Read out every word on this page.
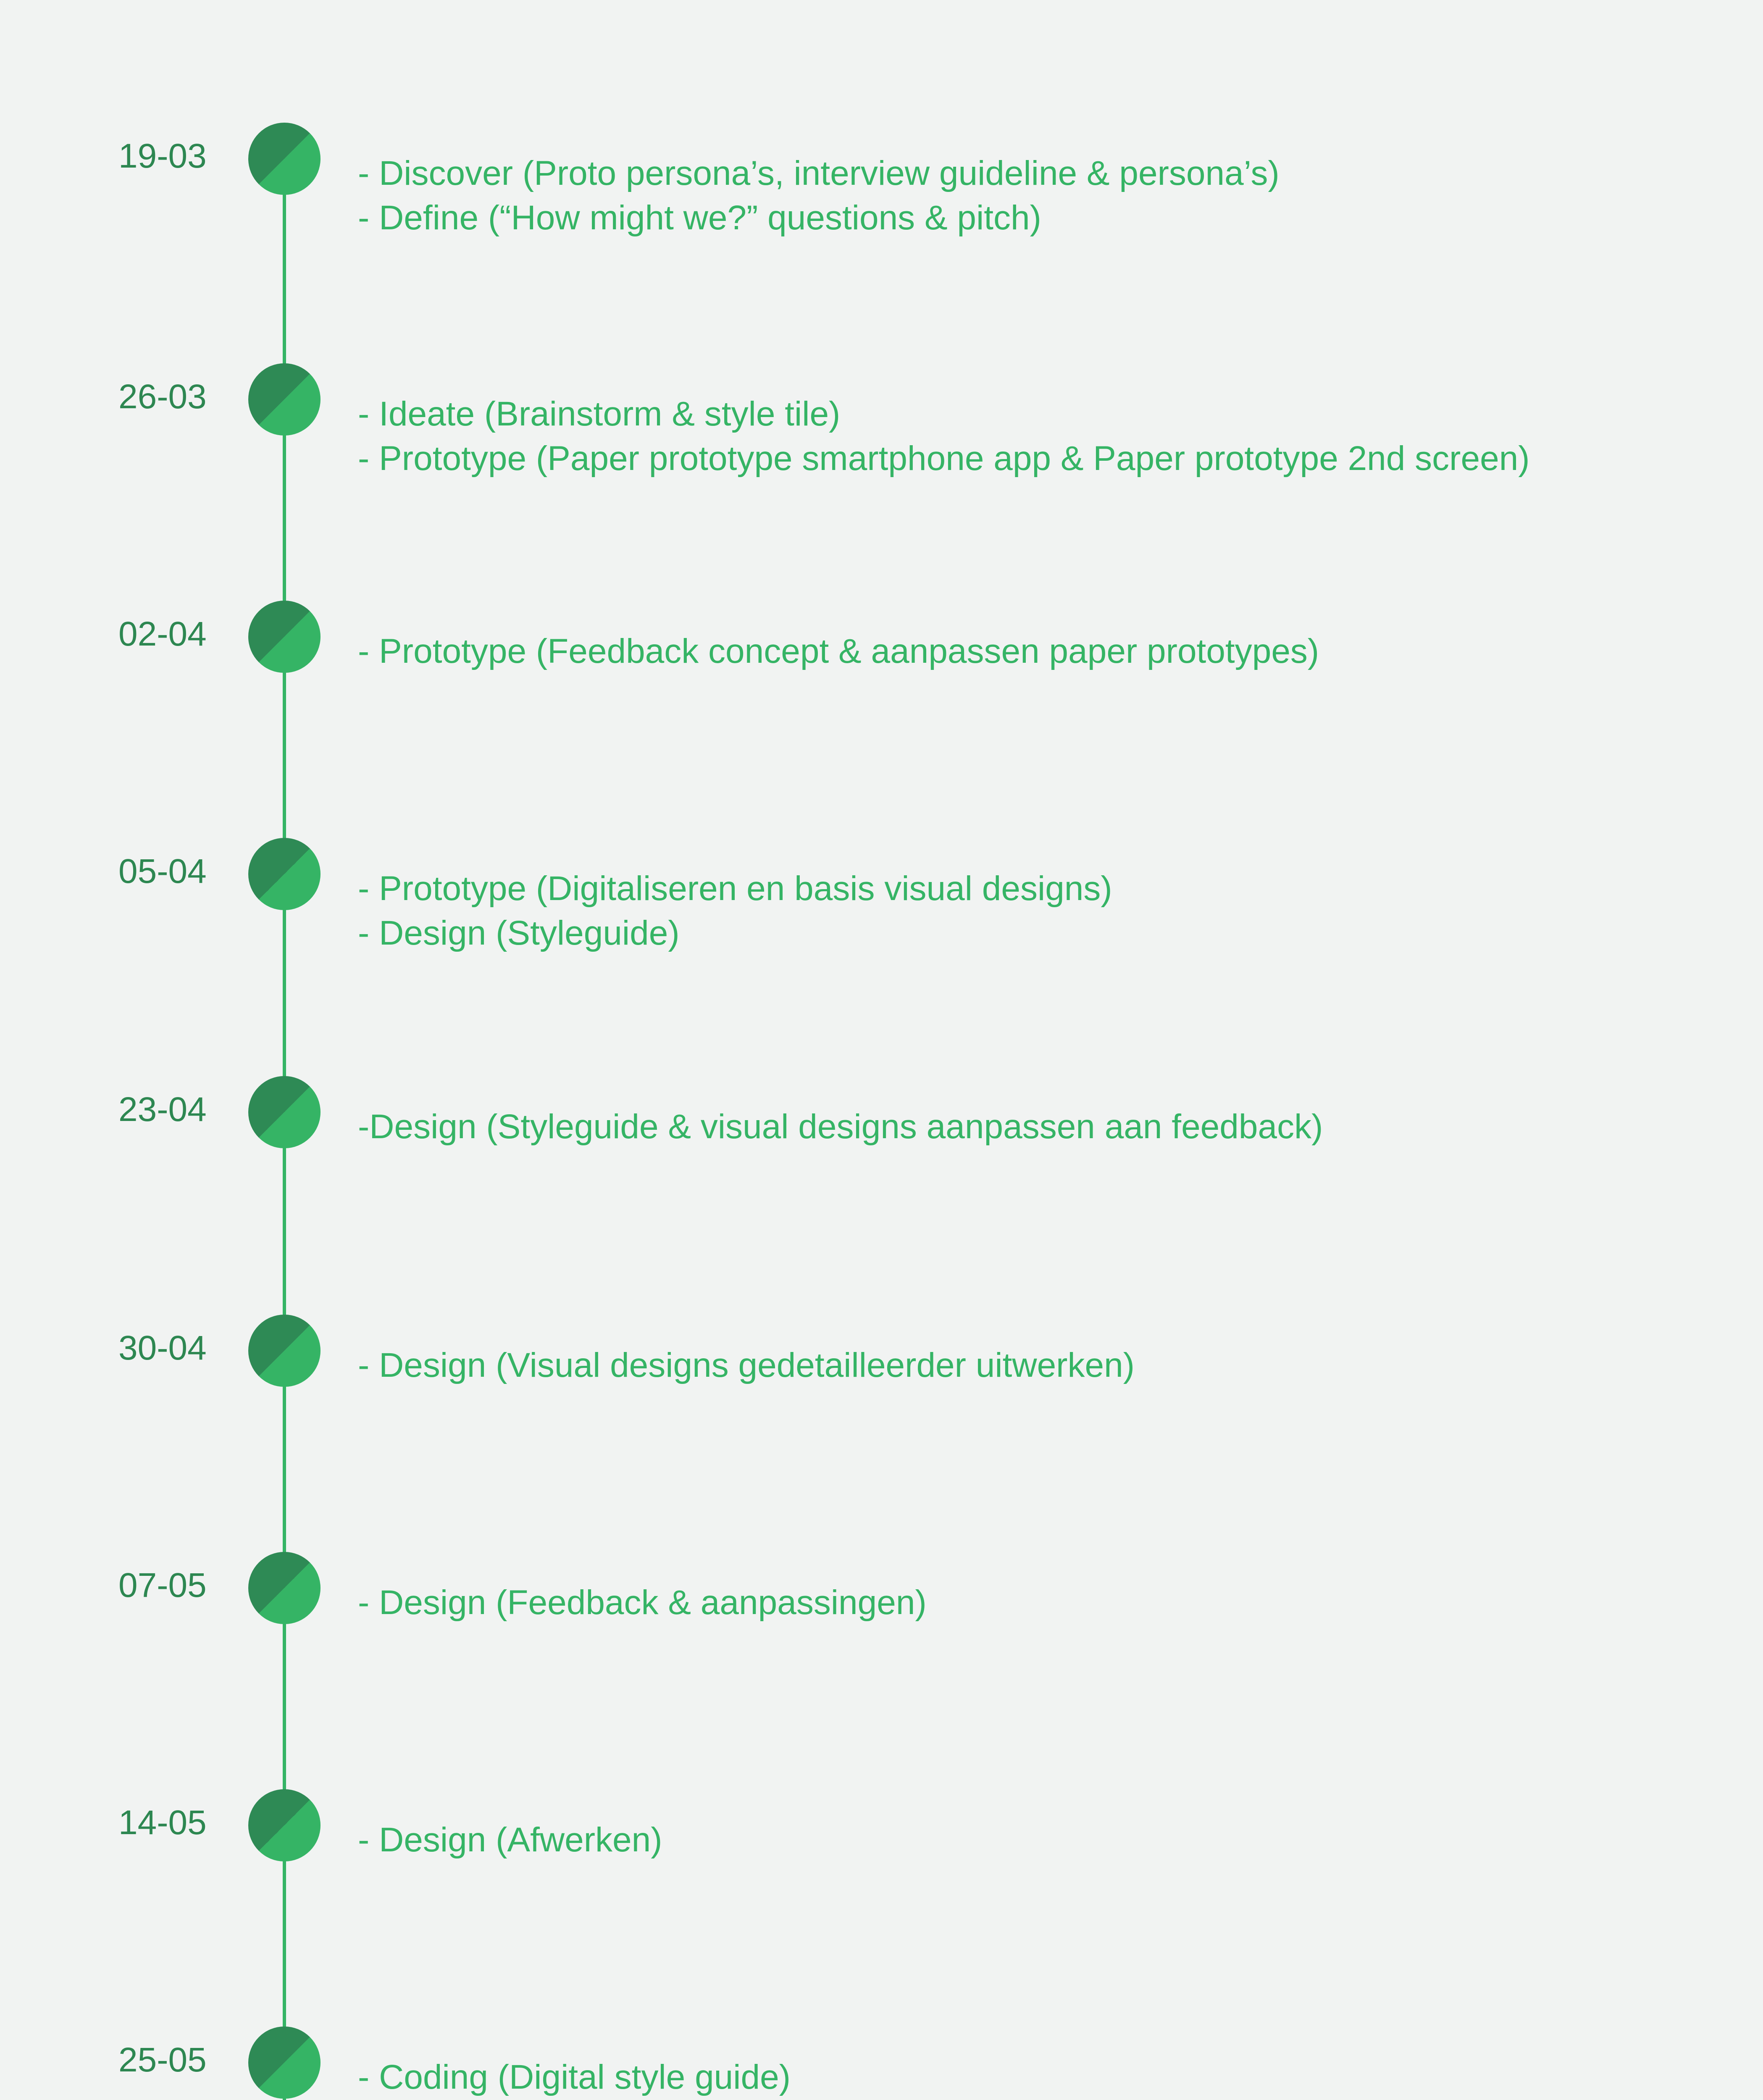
19-03	- Discover (Proto persona’s, interview guideline & persona’s)
- Define (“How might we?” questions & pitch)
26-03	- Ideate (Brainstorm & style tile)
- Prototype (Paper prototype smartphone app & Paper prototype 2nd screen)
02-04	- Prototype (Feedback concept & aanpassen paper prototypes)
05-04	- Prototype (Digitaliseren en basis visual designs)
- Design (Styleguide)
23-04	-Design (Styleguide & visual designs aanpassen aan feedback)
30-04	- Design (Visual designs gedetailleerder uitwerken)
07-05	- Design (Feedback & aanpassingen)
14-05	- Design (Afwerken)
25-05	- Coding (Digital style guide)
